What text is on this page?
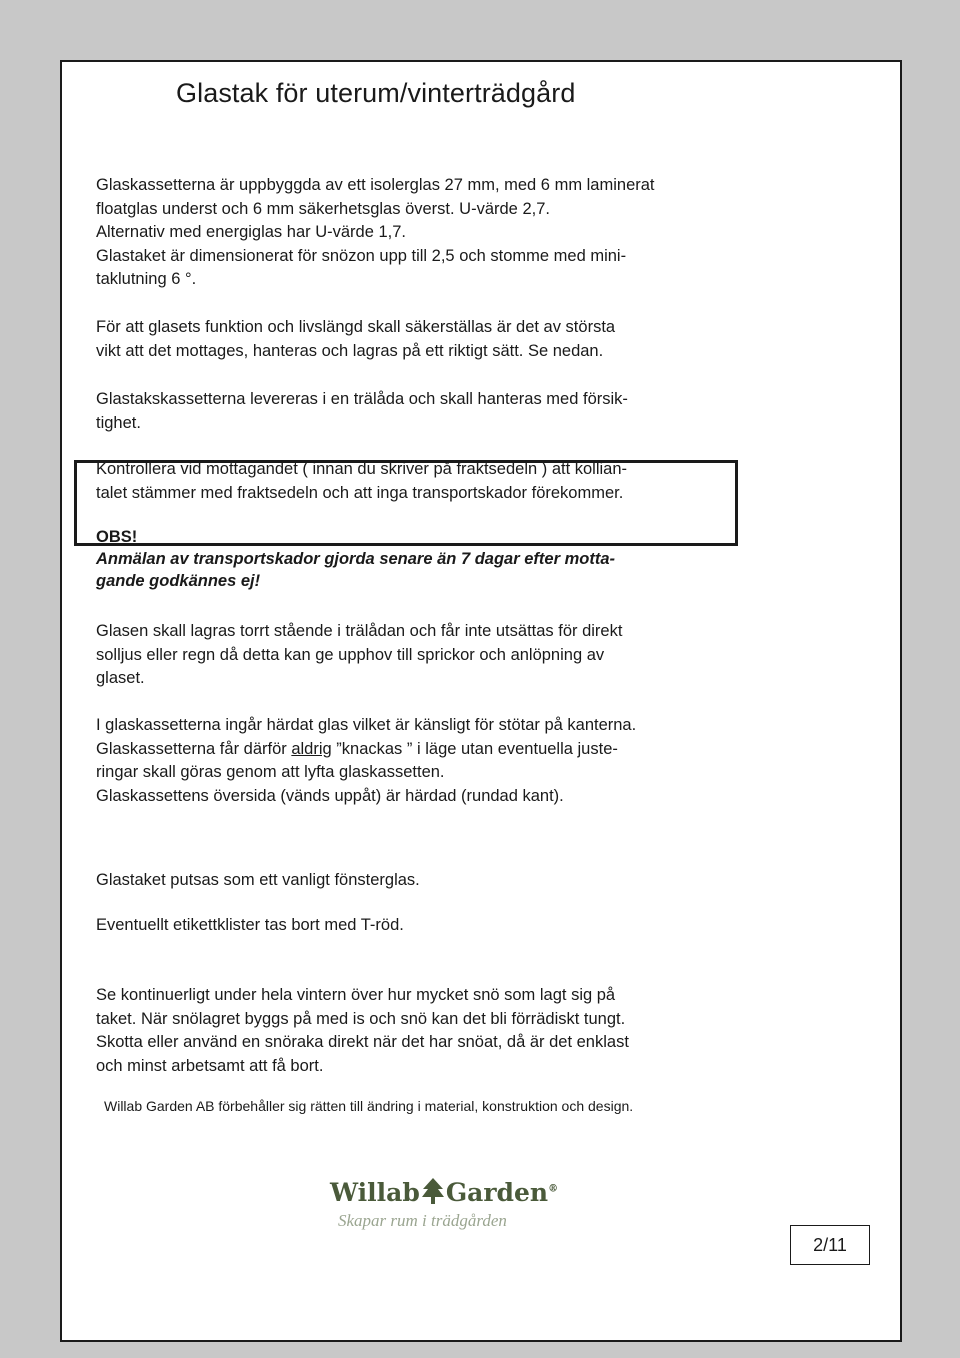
Glastak för uterum/vinterträdgård

Glaskassetterna är uppbyggda av ett isolerglas 27 mm, med 6 mm laminerat

floatglas underst och 6 mm säkerhetsglas överst. U-värde 2,7.

Alternativ med energiglas har U-värde 1,7.

Glastaket är dimensionerat för snözon upp till 2,5 och stomme med mini-

taklutning 6 °.

För att glasets funktion och livslängd skall säkerställas är det av största

vikt att det mottages, hanteras och lagras på ett riktigt sätt. Se nedan.

Glastakskassetterna levereras i en trälåda och skall hanteras med försik-

tighet.

Kontrollera vid mottagandet ( innan du skriver på fraktsedeln ) att kollian-

talet stämmer med fraktsedeln och att inga transportskador förekommer.

OBS!
Anmälan av transportskador gjorda senare än 7 dagar efter motta-
gande godkännes ej!

Glasen skall lagras torrt stående i trälådan och får inte utsättas för direkt

solljus eller regn då detta kan ge upphov till sprickor och anlöpning av

glaset.

I glaskassetterna ingår härdat glas vilket är känsligt för stötar på kanterna.

Glaskassetterna får därför aldrig ”knackas ” i läge utan eventuella juste-

ringar skall göras genom att lyfta glaskassetten.

Glaskassettens översida (vänds uppåt) är härdad (rundad kant).

Glastaket putsas som ett vanligt fönsterglas.

Eventuellt etikettklister tas bort med T-röd.

Se kontinuerligt under hela vintern över hur mycket snö som lagt sig på

taket. När snölagret byggs på med is och snö kan det bli förrädiskt tungt.

Skotta eller använd en snöraka direkt när det har snöat, då är det enklast

och minst arbetsamt att få bort.

Willab Garden AB förbehåller sig rätten till ändring i material, konstruktion och design.
Willab Garden®
Skapar rum i trädgården
2/11
